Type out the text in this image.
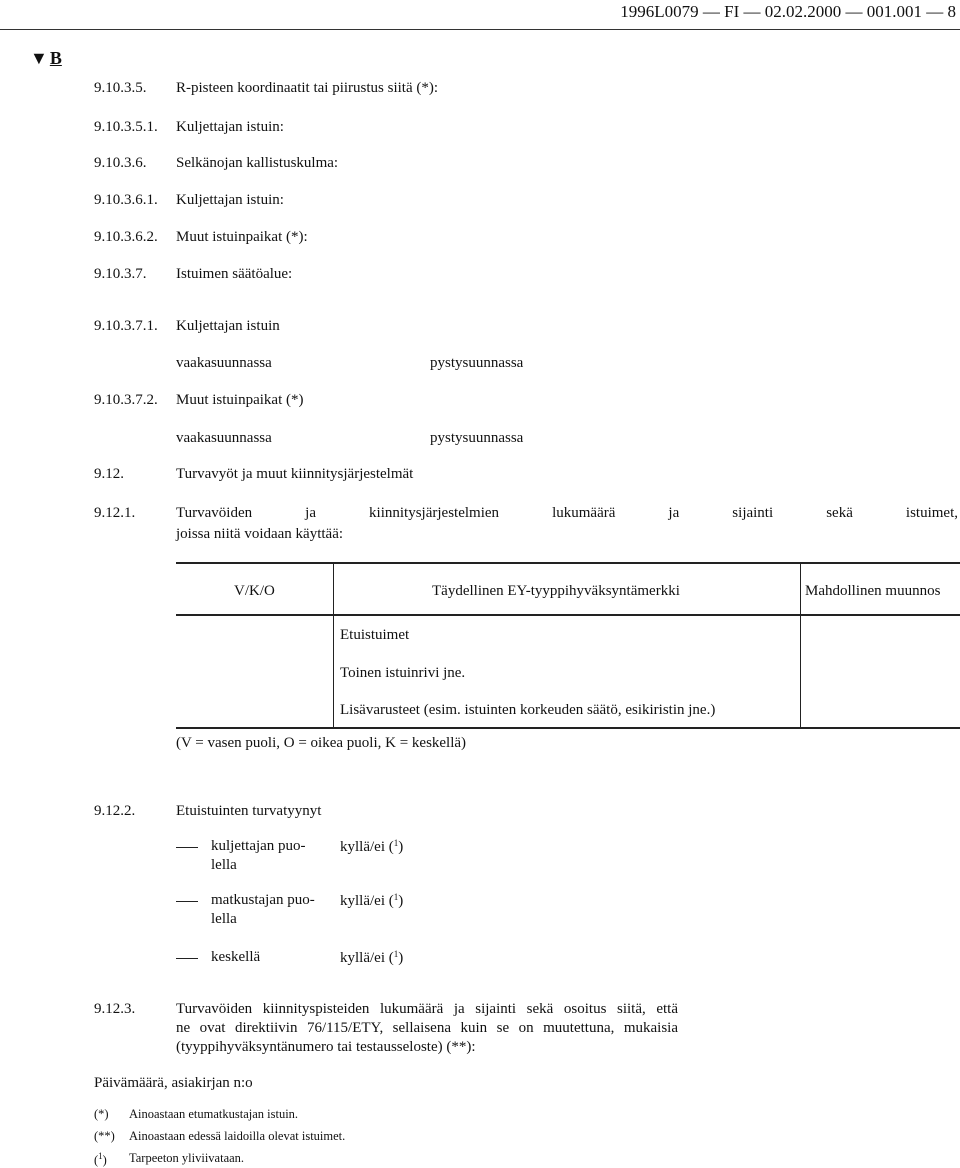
1996L0079 — FI — 02.02.2000 — 001.001 — 8
▼ B
9.10.3.5. R-pisteen koordinaatit tai piirustus siitä (*):
9.10.3.5.1. Kuljettajan istuin:
9.10.3.6. Selkänojan kallistuskulma:
9.10.3.6.1. Kuljettajan istuin:
9.10.3.6.2. Muut istuinpaikat (*):
9.10.3.7. Istuimen säätöalue:
9.10.3.7.1. Kuljettajan istuin
vaakasuunnassa	pystysuunnassa
9.10.3.7.2. Muut istuinpaikat (*)
vaakasuunnassa	pystysuunnassa
9.12.	Turvavyöt ja muut kiinnitysjärjestelmät
9.12.1.	Turvavöiden ja kiinnitysjärjestelmien lukumäärä ja sijainti sekä istuimet,
joissa niitä voidaan käyttää:
V/K/O	Täydellinen EY-tyyppihyväksyntämerkki	Mahdollinen muunnos
Etuistuimet
Toinen istuinrivi jne.
Lisävarusteet (esim. istuinten korkeuden säätö, esikiristin jne.)
(V = vasen puoli, O = oikea puoli, K = keskellä)
9.12.2.	Etuistuinten turvatyynyt
kuljettajan puo-
lella
kyllä/ei ($^1$)
matkustajan puo-
lella
kyllä/ei ($^1$)
keskellä	kyllä/ei ($^1$)
9.12.3.	Turvavöiden kiinnityspisteiden lukumäärä ja sijainti sekä osoitus siitä, että
ne ovat direktiivin 76/115/ETY, sellaisena kuin se on muutettuna, mukaisia
(tyyppihyväksyntänumero tai testausseloste) (**):
Päivämäärä, asiakirjan n:o
(*) Ainoastaan etumatkustajan istuin.
(**) Ainoastaan edessä laidoilla olevat istuimet.
($^1$) Tarpeeton yliviivataan.
